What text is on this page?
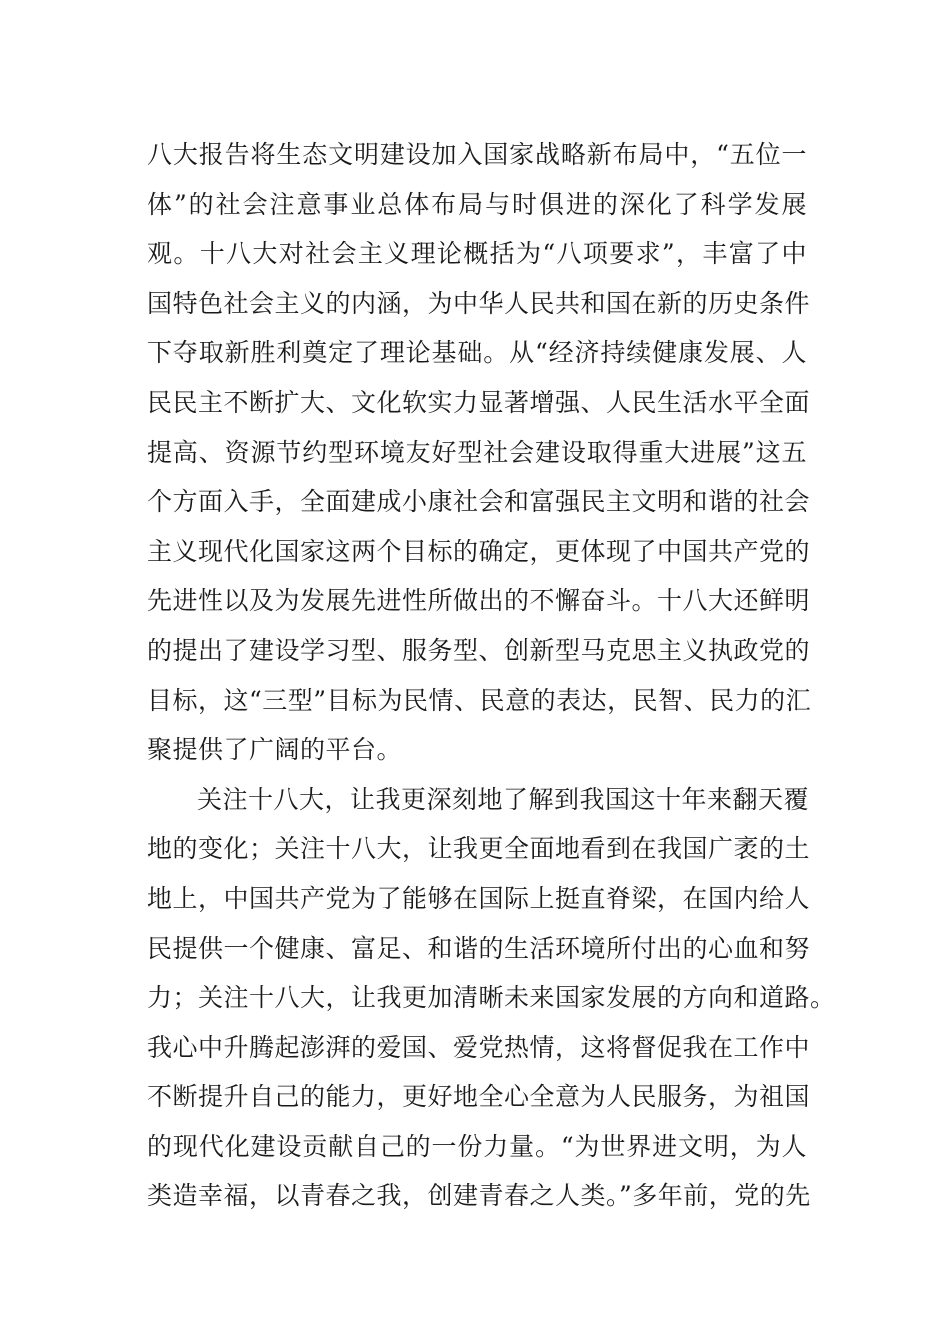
八大报告将生态文明建设加入国家战略新布局中，“五位一
体”的社会注意事业总体布局与时俱进的深化了科学发展
观。十八大对社会主义理论概括为“八项要求”，丰富了中
国特色社会主义的内涵，为中华人民共和国在新的历史条件
下夺取新胜利奠定了理论基础。从“经济持续健康发展、人
民民主不断扩大、文化软实力显著增强、人民生活水平全面
提高、资源节约型环境友好型社会建设取得重大进展”这五
个方面入手，全面建成小康社会和富强民主文明和谐的社会
主义现代化国家这两个目标的确定，更体现了中国共产党的
先进性以及为发展先进性所做出的不懈奋斗。十八大还鲜明
的提出了建设学习型、服务型、创新型马克思主义执政党的
目标，这“三型”目标为民情、民意的表达，民智、民力的汇
聚提供了广阔的平台。
关注十八大，让我更深刻地了解到我国这十年来翻天覆
地的变化；关注十八大，让我更全面地看到在我国广袤的土
地上，中国共产党为了能够在国际上挺直脊梁，在国内给人
民提供一个健康、富足、和谐的生活环境所付出的心血和努
力；关注十八大，让我更加清晰未来国家发展的方向和道路。
我心中升腾起澎湃的爱国、爱党热情，这将督促我在工作中
不断提升自己的能力，更好地全心全意为人民服务，为祖国
的现代化建设贡献自己的一份力量。“为世界进文明，为人
类造幸福，以青春之我，创建青春之人类。”多年前，党的先
